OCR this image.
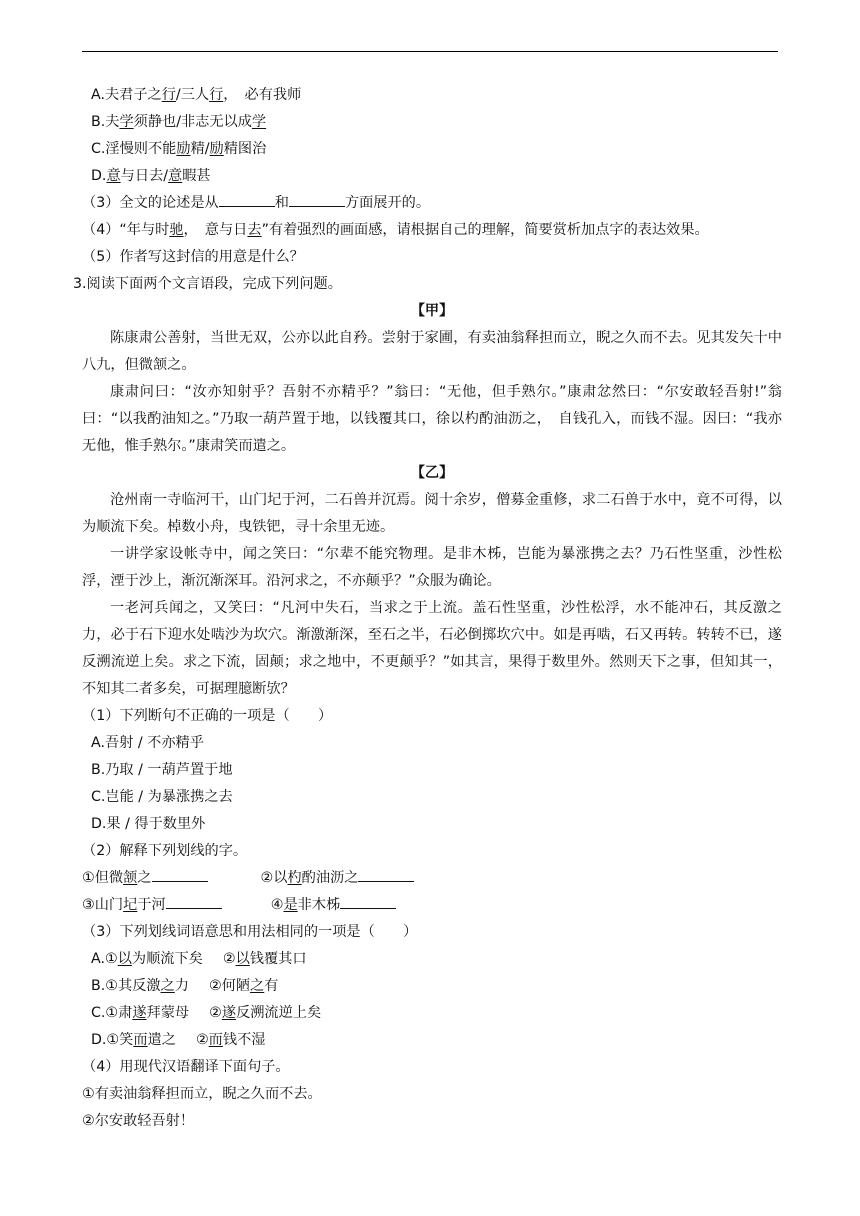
A.夫君子之行/三人行，　必有我师
B.夫学须静也/非志无以成学
C.淫慢则不能励精/励精图治
D.意与日去/意暇甚
（3）全文的论述是从	和	方面展开的。
（4）“年与时驰，　意与日去”有着强烈的画面感，请根据自己的理解，简要赏析加点字的表达效果。
（5）作者写这封信的用意是什么？
3.阅读下面两个文言语段，完成下列问题。
【甲】
陈康肃公善射，当世无双，公亦以此自矜。尝射于家圃，有卖油翁释担而立，睨之久而不去。见其发矢十中八九，但微颔之。
康肃问曰：“汝亦知射乎？吾射不亦精乎？”翁曰：“无他，但手熟尔。”康肃忿然曰：“尔安敢轻吾射!”翁曰：“以我酌油知之。”乃取一葫芦置于地，以钱覆其口，徐以杓酌油沥之，　自钱孔入，而钱不湿。因曰：“我亦无他，惟手熟尔。”康肃笑而遣之。
【乙】
沧州南一寺临河干，山门圮于河，二石兽并沉焉。阅十余岁，僧募金重修，求二石兽于水中，竟不可得，以为顺流下矣。棹数小舟，曳铁钯，寻十余里无迹。
一讲学家设帐寺中，闻之笑曰：“尔辈不能究物理。是非木柹，岂能为暴涨携之去？乃石性坚重，沙性松浮，湮于沙上，渐沉渐深耳。沿河求之，不亦颠乎？”众服为确论。
一老河兵闻之，又笑曰：“凡河中失石，当求之于上流。盖石性坚重，沙性松浮，水不能冲石，其反激之力，必于石下迎水处啮沙为坎穴。渐激渐深，至石之半，石必倒掷坎穴中。如是再啮，石又再转。转转不已，遂反溯流逆上矣。求之下流，固颠；求之地中，不更颠乎？”如其言，果得于数里外。然则天下之事，但知其一，不知其二者多矣，可据理臆断欤？
（1）下列断句不正确的一项是（　　）
A.吾射 / 不亦精乎
B.乃取 / 一葫芦置于地
C.岂能 / 为暴涨携之去
D.果 / 得于数里外
（2）解释下列划线的字。
①但微颔之	②以杓酌油沥之
③山门圮于河	④是非木柹
（3）下列划线词语意思和用法相同的一项是（　　）
A.①以为顺流下矣 ②以钱覆其口
B.①其反激之力 ②何陋之有
C.①肃遂拜蒙母 ②遂反溯流逆上矣
D.①笑而遣之 ②而钱不湿
（4）用现代汉语翻译下面句子。
①有卖油翁释担而立，睨之久而不去。
②尔安敢轻吾射！
